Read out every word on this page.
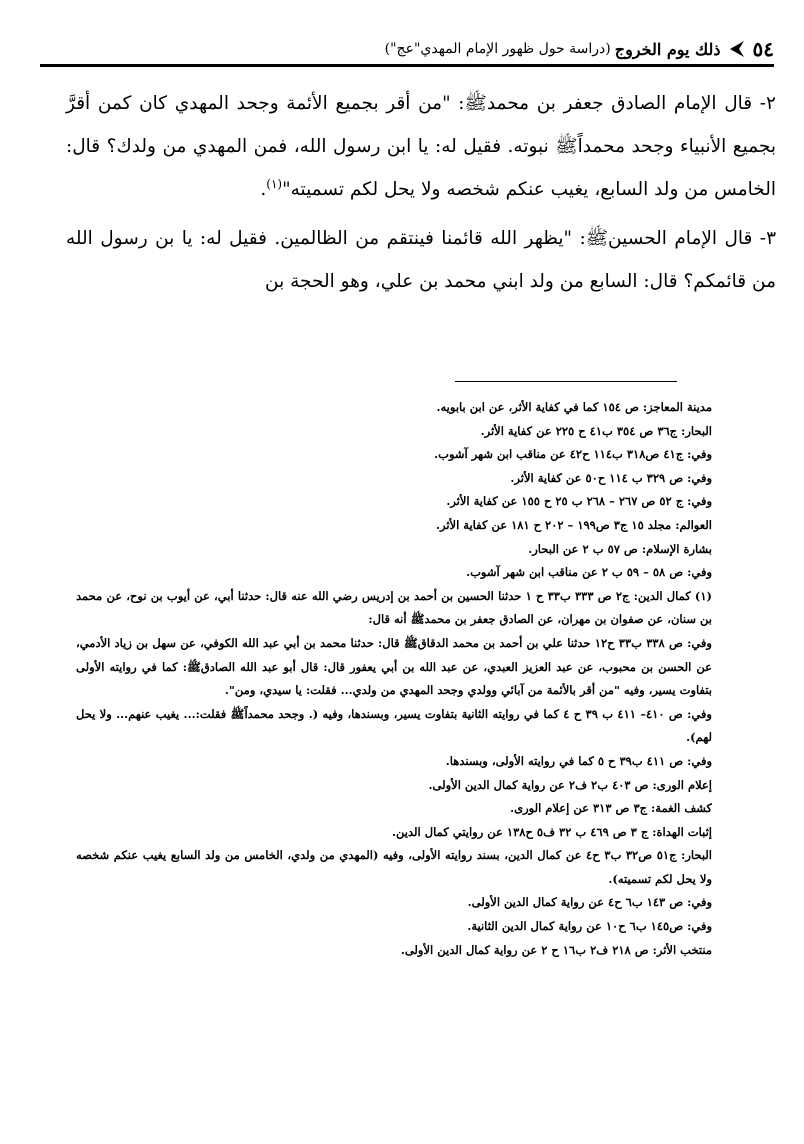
٥٤
ذلك يوم الخروج
(دراسة حول ظهور الإمام المهدي"عج")

٢- قال الإمام الصادق جعفر بن محمدﷺ: "من أقر بجميع الأئمة وجحد المهدي كان كمن أقرَّ بجميع الأنبياء وجحد محمداًﷺ نبوته. فقيل له: يا ابن رسول الله، فمن المهدي من ولدك؟ قال: الخامس من ولد السابع، يغيب عنكم شخصه ولا يحل لكم تسميته"$^{(١)}$.

٣- قال الإمام الحسينﷺ: "يظهر الله قائمنا فينتقم من الظالمين. فقيل له: يا بن رسول الله من قائمكم؟ قال: السابع من ولد ابني محمد بن علي، وهو الحجة بن

مدينة المعاجز: ص ١٥٤ كما في كفاية الأثر، عن ابن بابويه.

البحار: ج٣٦ ص ٣٥٤ ب٤١ ح ٢٢٥ عن كفاية الأثر.

وفي: ج٤١ ص٣١٨ ب١١٤ ح٤٢ عن مناقب ابن شهر آشوب.

وفي: ص ٣٢٩ ب ١١٤ ح٥٠ عن كفاية الأثر.

وفي: ج ٥٢ ص ٢٦٧ – ٢٦٨ ب ٢٥ ح ١٥٥ عن كفاية الأثر.

العوالم: مجلد ١٥ ج٣ ص١٩٩ – ٢٠٢ ح ١٨١ عن كفاية الأثر.

بشارة الإسلام: ص ٥٧ ب ٢ عن البحار.

وفي: ص ٥٨ – ٥٩ ب ٢ عن مناقب ابن شهر آشوب.

(١) كمال الدين: ج٢ ص ٣٣٣ ب٣٣ ح ١ حدثنا الحسين بن أحمد بن إدريس رضي الله عنه قال: حدثنا أبي، عن أيوب بن نوح، عن محمد بن سنان، عن صفوان بن مهران، عن الصادق جعفر بن محمدﷺ أنه قال:

وفي: ص ٣٣٨ ب٣٣ ح١٢ حدثنا علي بن أحمد بن محمد الدقاقﷺ قال: حدثنا محمد بن أبي عبد الله الكوفي، عن سهل بن زياد الأدمي، عن الحسن بن محبوب، عن عبد العزيز العبدي، عن عبد الله بن أبي يعفور قال: قال أبو عبد الله الصادقﷺ: كما في روايته الأولى بتفاوت يسير، وفيه "من أقر بالأئمة من آبائي وولدي وجحد المهدي من ولدي... فقلت: يا سيدي، ومن".

وفي: ص ٤١٠– ٤١١ ب ٣٩ ح ٤ كما في روايته الثانية بتفاوت يسير، وبسندها، وفيه (. وجحد محمداًﷺ فقلت:... يغيب عنهم... ولا يحل لهم).

وفي: ص ٤١١ ب٣٩ ح ٥ كما في روايته الأولى، وبسندها.

إعلام الورى: ص ٤٠٣ ب٢ ف٢ عن رواية كمال الدين الأولى.

كشف الغمة: ج٣ ص ٣١٣ عن إعلام الورى.

إثبات الهداة: ج ٣ ص ٤٦٩ ب ٣٢ ف٥ ح١٣٨ عن روايتي كمال الدين.

البحار: ج٥١ ص٣٢ ب٣ ح٤ عن كمال الدين، بسند روايته الأولى، وفيه (المهدي من ولدي، الخامس من ولد السابع يغيب عنكم شخصه ولا يحل لكم تسميته).

وفي: ص ١٤٣ ب٦ ح٤ عن رواية كمال الدين الأولى.

وفي: ص١٤٥ ب٦ ح١٠ عن رواية كمال الدين الثانية.

منتخب الأثر: ص ٢١٨ ف٢ ب١٦ ح ٢ عن رواية كمال الدين الأولى.
